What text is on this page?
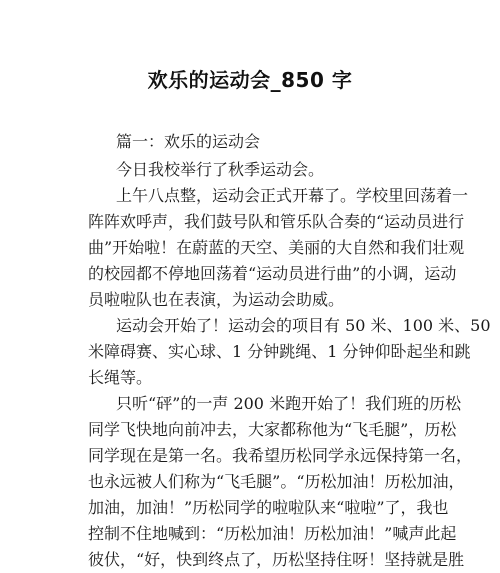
欢乐的运动会_850 字
篇一：欢乐的运动会
今日我校举行了秋季运动会。
上午八点整，运动会正式开幕了。学校里回荡着一
阵阵欢呼声，我们鼓号队和管乐队合奏的“运动员进行
曲”开始啦！在蔚蓝的天空、美丽的大自然和我们壮观
的校园都不停地回荡着“运动员进行曲”的小调，运动
员啦啦队也在表演，为运动会助威。
运动会开始了！运动会的项目有 50 米、100 米、50
米障碍赛、实心球、1 分钟跳绳、1 分钟仰卧起坐和跳
长绳等。
只听“砰”的一声 200 米跑开始了！我们班的历松
同学飞快地向前冲去，大家都称他为“飞毛腿”，历松
同学现在是第一名。我希望历松同学永远保持第一名，
也永远被人们称为“飞毛腿”。“历松加油！历松加油，
加油，加油！”历松同学的啦啦队来“啦啦”了，我也
控制不住地喊到：“历松加油！历松加油！”喊声此起
彼伏，“好，快到终点了，历松坚持住呀！坚持就是胜
